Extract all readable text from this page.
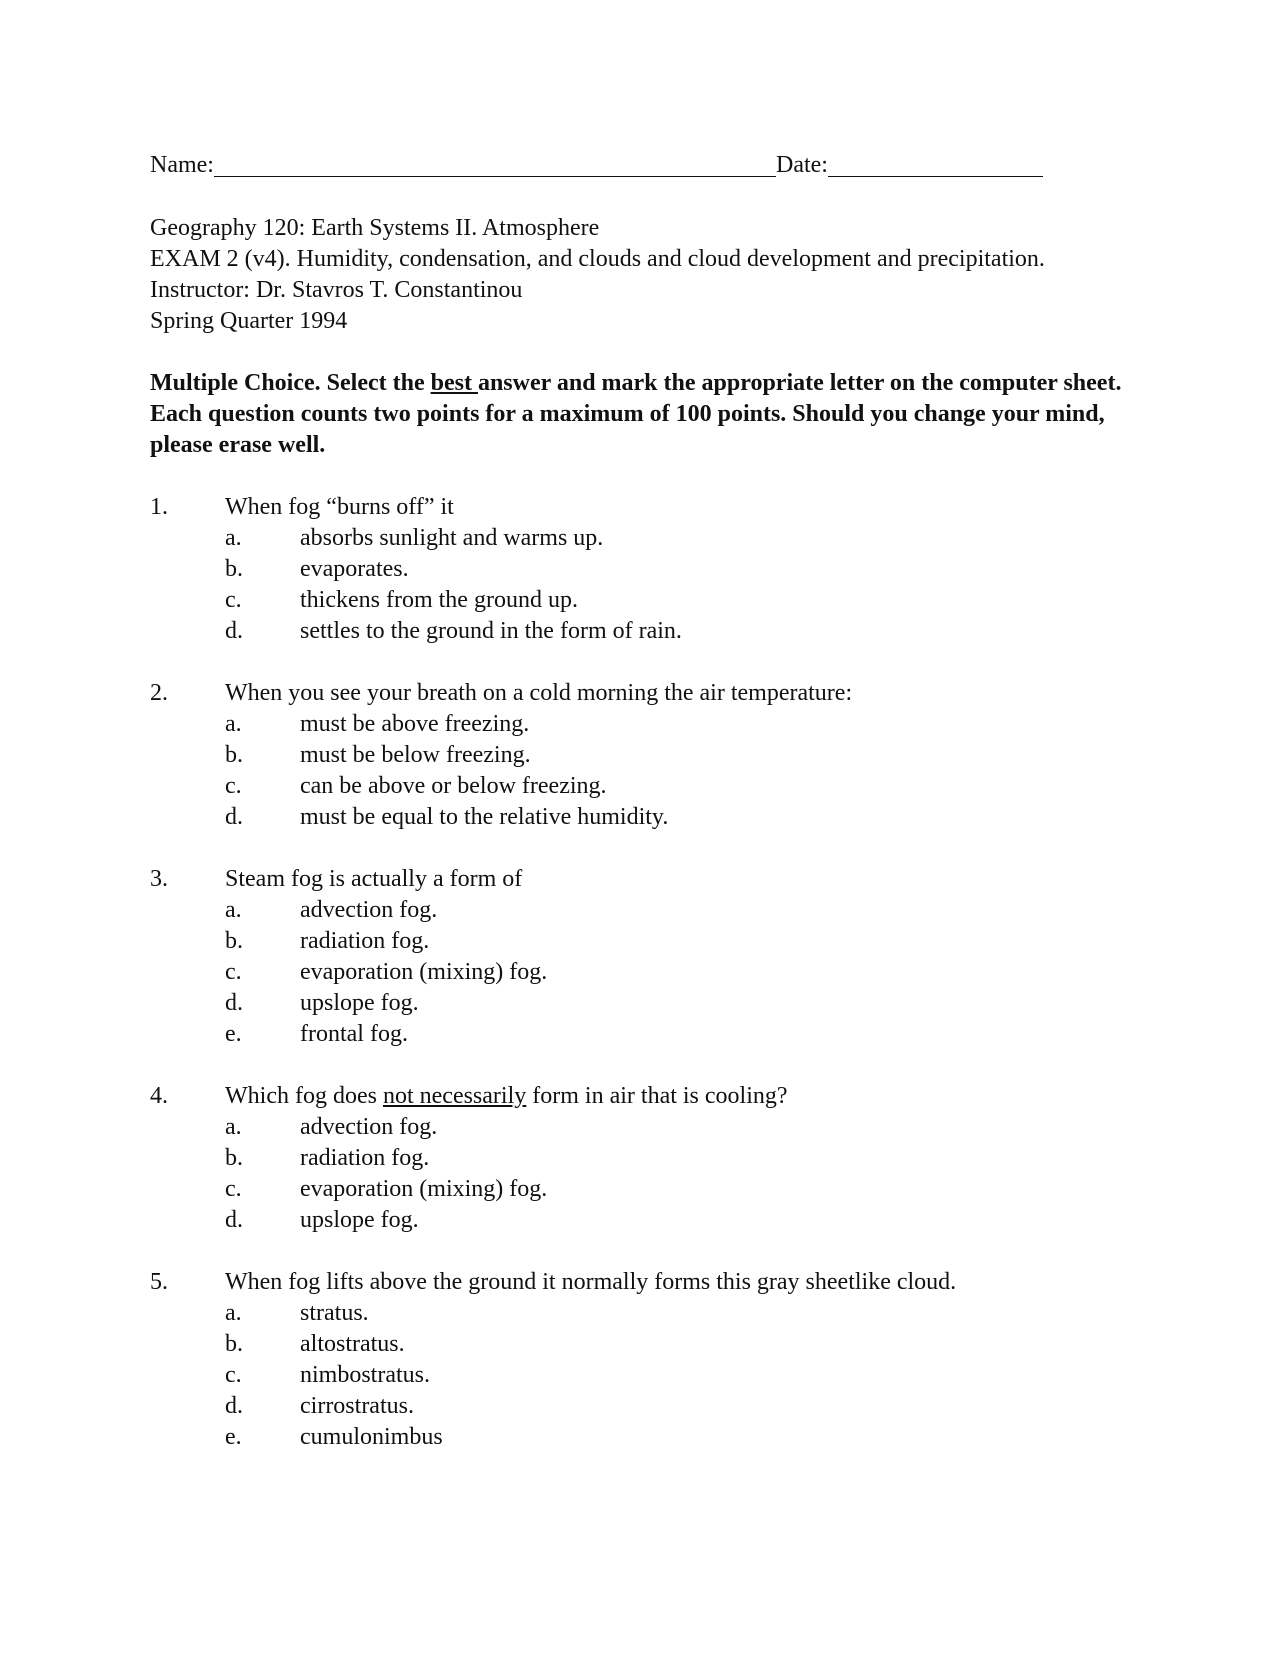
Name:	Date:
Geography 120: Earth Systems II. Atmosphere
EXAM 2 (v4). Humidity, condensation, and clouds and cloud development and precipitation.
Instructor: Dr. Stavros T. Constantinou
Spring Quarter 1994
Multiple Choice. Select the best answer and mark the appropriate letter on the computer sheet. Each question counts two points for a maximum of 100 points. Should you change your mind, please erase well.
1.	When fog “burns off” it
a.	absorbs sunlight and warms up.
b.	evaporates.
c.	thickens from the ground up.
d.	settles to the ground in the form of rain.
2.	When you see your breath on a cold morning the air temperature:
a.	must be above freezing.
b.	must be below freezing.
c.	can be above or below freezing.
d.	must be equal to the relative humidity.
3.	Steam fog is actually a form of
a.	advection fog.
b.	radiation fog.
c.	evaporation (mixing) fog.
d.	upslope fog.
e.	frontal fog.
4.	Which fog does not necessarily form in air that is cooling?
a.	advection fog.
b.	radiation fog.
c.	evaporation (mixing) fog.
d.	upslope fog.
5.	When fog lifts above the ground it normally forms this gray sheetlike cloud.
a.	stratus.
b.	altostratus.
c.	nimbostratus.
d.	cirrostratus.
e.	cumulonimbus
